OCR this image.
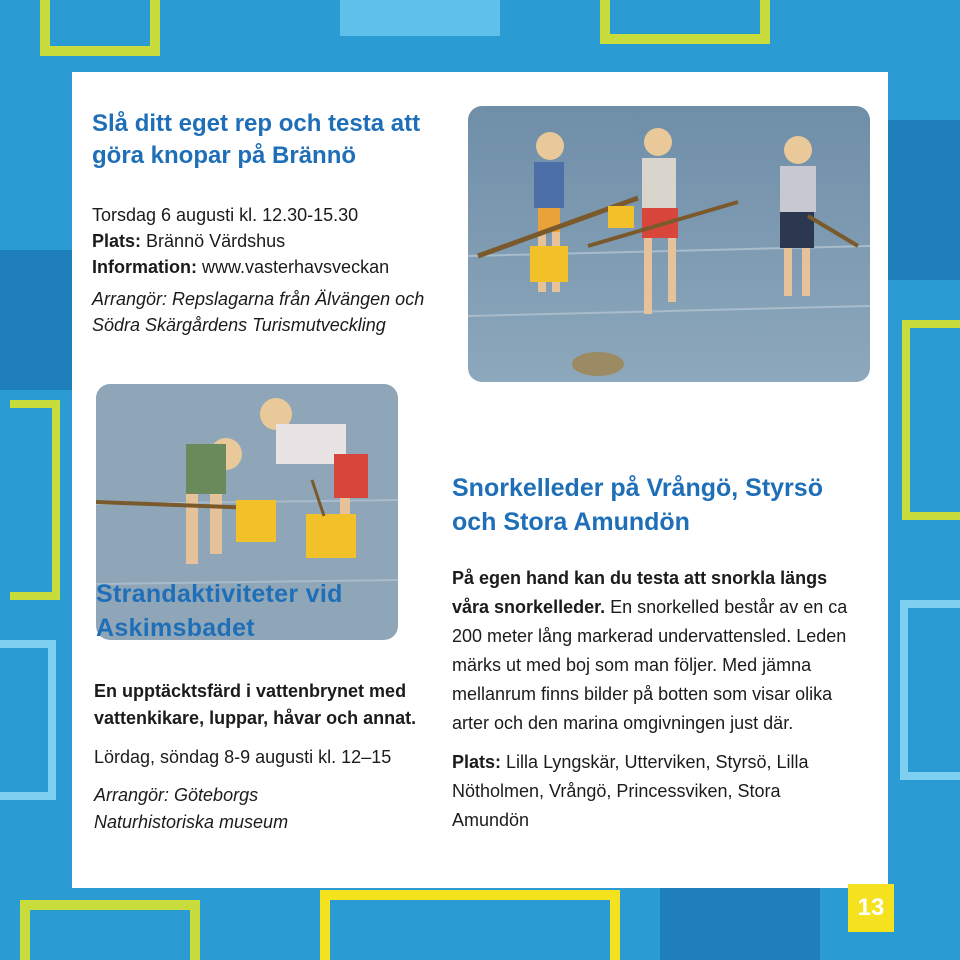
Slå ditt eget rep och testa att göra knopar på Brännö

Torsdag 6 augusti kl. 12.30-15.30

Plats: Brännö Värdshus

Information: www.vasterhavsveckan

Arrangör: Repslagarna från Älvängen och Södra Skärgårdens Turismutveckling

Strandaktiviteter vid Askimsbadet

En upptäcktsfärd i vattenbrynet med vattenkikare, luppar, håvar och annat.

Lördag, söndag 8-9 augusti kl. 12–15

Arrangör: Göteborgs Naturhistoriska museum

Snorkelleder på Vrångö, Styrsö och Stora Amundön

På egen hand kan du testa att snorkla längs våra snorkelleder. En snorkelled består av en ca 200 meter lång markerad undervattensled. Leden märks ut med boj som man följer. Med jämna mellanrum finns bilder på botten som visar olika arter och den marina omgivningen just där.

Plats: Lilla Lyngskär, Utterviken, Styrsö, Lilla Nötholmen, Vrångö, Princessviken, Stora Amundön

13
